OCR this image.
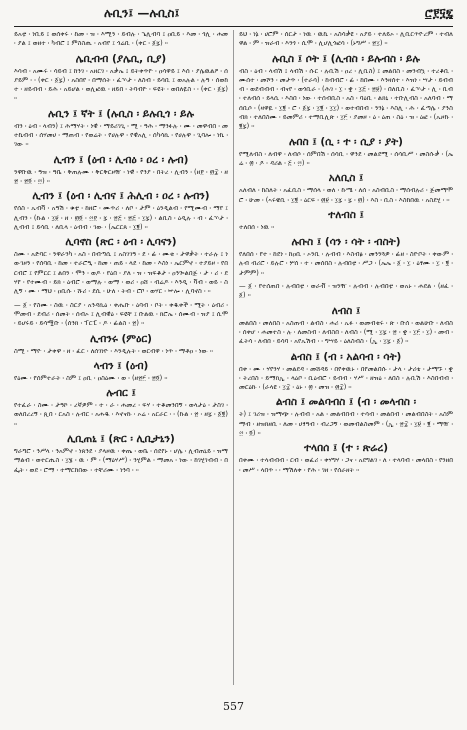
ሉቢን፤ —ሉቢስ፤	ሮ፻፶፯
ይአቲ ፡ ነቢይ ፤ ወሰቀሩ ፡ ከመ ፡ ዝ ፡ እሚን ፡ ይብሉ ፡ ኄሊብባ ፤ ዐቢይ ፡ እመ ፡ ጎሊ ፡ ሐመ ፡ ያል ፤ ወዘተ ፡ ካብሮ ፤ ምስስጢ ፡ አብየ ፤ ጎሬቢ ፡ (ቀር ፡ ፩፯) ፡፡
ሌቢብብ (ያሌቢ, ቢያ)
እሳብ ፡ አሙሩ ፡ ሳይብ ፤ ከንገ ፡ አዘርገ ፡ አቃኤ ፤ ይትቀጥዮ ፡ ዐሳዋይ ፤ እሰ ፡ ያሌዉልዖ ፡ ሰያይም ፡ ፡ (ቀር ፡ ፩፯) ፡ አስበየ ፡ በማሰት ፡ ፈኍታ ፡ ለስብ ፡ ይሳቢ ፤ ወአሉል ፡ ሉዓ ፡ ሰወከተ ፡ ዘይብብ ፡ ይሕ ፡ አይሆል ፡ ወሊፎዉ ፡ ዘይበ ፡ ትባብዮ ፡ ፍዩት ፡ ወበለዬስ ፡ ፡ (ቀር ፡ ፩፯) ፡፡
ሉቢን ፤ ኛት ፤ (ሉቢስ ፡ ይሉቢጎ ፡ ይሉ
ብን ፡ ዕብ ፡ ላብን) ፤ ሕማሃት ፡ ነዊ ፡ ማይሪገጊ ፡ ሚ ፡ ዓሕ ፡ ማንፉሉ ፡ ሙ ፡ መዋብበ ፡ መተኬብብ ፡ ሰሃመሀ ፡ ማጠብ ፡ የወሬት ፡ የሀሉዋ ፡ የዊአሊ ፡ ሰካሳኪ ፡ የሀሉዋ ፡ ጊባሎ ፡ ነኬ ፡ ገው ፡፡
ሊብን ፤ (ዕብ ፡ ሊብዕ ፡ ዐረ ፡ ሉብ)
ንዋቡዉ ፡ ዓዝ ፡ ዓቤ ፡ ቅጠሉሙ ፡ ቅርቅርዞዥ ፡ ነዊ ፡ የንያ ፡ በትረ ፡ ሊብን ፡ (ዘ፻ ፡ ፴፰ ፡ ዘ፳ ፡ ፳፬ ፡ ፵) ፡፡
ሊብን ፤ (ዕብ ፡ ሊብና ፤ ሕሊብ ፡ ዐረ ፡ ሉብን)
የሰስ ፡ ኡብቫ ፡ አዓሽ ፡ ቁቲ ፡ ከዘሮ ፡ ሙጥሪ ፡ ለቦ ፡ ታም ፡ ዕንዲልብ ፡ የሚሙብ ፡ ማየ ፤ ሊብን ፡ (ኩል ፡ ፲፱ ፡ ዘ ፡ ፴፬ ፡ ፵፻ ፡ ፯ ፡ ፳፭ ፡ ፳፭ ፡ ፲፯) ፡ ልቢስ ፡ ዕዲሉ ፡ ብ ፡ ፈኍታ ፡ ሊብብ ፤ ይሳቢ ፡ ለቢላ ፡ ዕብብ ፡ ገው ፡ (ኤርርጸ ፡ ፲፪) ፡፡
ሊባኖስ (ጽር ፡ ዕብ ፡ ሊባናን)
ስሙ ፡ አድባር ፡ ንዋራንካ ፡ አስ ፡ በብጣሲ ፤ አስገገዓ ፡ ደ ፡ ፊ ፡ ሙቂ ፡ ታዋቃት ፡ ተራሉ ፤ ነውገዞን ፡ የሰባቢ ፡ ከመ ፡ ተራሮዒ ፡ ከመ ፡ ጠይ ፡ ላደ ፡ ከመ ፡ እስነ ፡ ኤርምኖ ፡ ተያይዞ ፡ የበርብሮ ፤ የምርር ፤ ልበን ፡ ሞን ፡ ወዶ ፡ የዕበ ፡ ያለ ፡ ዝ ፡ ዝፍቆታ ፡ ዐንጐልበጅ ፡ ታ ፡ ሪ ፡ ደሃየ ፡ የተሙብ ፡ ይክ ፡ ዕብሮ ፡ ወማሉ ፡ ወማ ፡ ወሪ ፡ ዐሸ ፡ ብሬዶ ፡ እንዲ ፡ ቫብ ፡ ወይ ፡ ስሊኝ ፡ ሙ ፡ ማህ ፡ ዐቢሱ ፡ ሹሪ ፡ ደሲ ፡ ሁለ ፡ ትብ ፡ ሮቦ ፡ ወሃር ፡ ኵሎ ፡ ሊባኖስ ፡ ፡፡
— ፩ ፡ የስሙ ፡ ስዉ ፡ ስርያ ፡ አንዳኪዕ ፡ ቀሔቡ ፡ ዕባብ ፡ ቦት ፡ ቀዱቀች ፡ ሚት ፡ ዕብሪ ፡ ሞመብ ፡ ደብሪ ፡ ሰመት ፡ ሰብኦ ፤ ሊብዊዕ ፡ ፍዩቸ ፤ ቡልዉ ፡ ክሮኤ ፡ ሰሙብ ፡ ዝያ ፤ ሲሞ ፡ ይሆሩይ ፡ ይሳሟቡ ፡ (ሰንክ ፡ ፕርፒ ፡ ዶ ፡ ፊልስ ፡ ፳) ፡፡
ሊብንሩ (ምዕር)
ስሚ ፡ ማዮ ፡ ታቀዋ ፡ ዘ ፡ ፈር ፡ ለሰገነዮ ፡ እንዲሉት ፡ ወርብዋ ፡ ነጥ ፡ ማቶዐ ፡ ነው ፡፡
ላብን ፤ (ዕብ)
የዕሙ ፡ የሰምተራት ፡ ስም ፤ ዐቢ ፡ ዐስዕሙ ፡ ወ ፡ (ዘ፳፫ ፡ ፳፬) ፡፡
ሉብር ፤
የተፈራ ፡ ስሙ ፡ ታዓኮ ፡ ረኛዎም ፡ ተ ፡ ራ ፡ ሐመረ ፡ ፍሃ ፡ ተቆመንበኝ ፡ ወላታዕ ፡ ታስገ ፡ ወለበረረኝ ፡ ጺበ ፡ ርአስ ፡ ሉብር ፡ አሐዱ ፡ እኖናኩ ፡ ኦሬ ፡ አርራር ፡ ፡ (ኩል ፡ ፳ ፡ ዘ፯ ፡ ፩፪) ፡፡
ሊቢጠኒ ፤ (ጽር ፡ ሊቢታኒን)
ግራግሮ ፡ ንሥላ ፡ ንአምኖ ፡ ነጸንደ ፡ ያላዞዉ ፡ ቀጤ ፡ ወቤ ፡ ሰደየኑ ፡ ሆሌ ፡ ሊብጠኒይ ፡ ዝማማልብ ፡ ወተርጢስ ፡ ፲፮ ፡ ዉ ፡ ም ፡ (ማዕሃሥ) ፡ ንሂምል ፡ ማመአ ፡ ነው ፡ ከገሂገብብ ፡ በፌት ፡ ወደ ፡ ሮማ ፡ ተማርከበው ፡ ተቸሪሙ ፡ ነንባ ፡ ፡፡
ይህ ፡ ነኔ ፡ ሀሮም ፡ ሰርታ ፡ ነዉ ፡ ዉኬ ፡ አስሳቃዩ ፡ አያይ ፡ ተለይኦ ፡ ሊቢርጥዮረም ፡ ተብለዋል ፡ ም ፡ ዝራብ ፡ እንጎ ፡ ሲሞ ፡ ሊሆሊጎፎሳ ፡ (ኑግሥ ፡ ፳፲) ፡፡
ሉቢስ ፤ ሶት ፤ (ሊብስ ፡ ይሉብስ ፡ ይሉ
ብስ ፡ ዕብ ፡ ላብሽ ፤ ላብሽ ፡ ሱር ፡ ሉቢሽ ፡ ዐረ ፡ ሊቢስ) ፤ መልበስ ፡ መንብኳ ፡ ተረቆቢ ፡ ሙሰተ ፡ መሾን ፡ መታጥ ፡ (ተራሳ) ፡ ከብብሮ ፡ ፊ ፡ ከበሙ ፡ እንዛሰተ ፡ እዝነ ፡ ሣታ ፡ ይብብብ ፡ ወደብብብ ፡ ብናየ ፡ ወጎቢራ ፡ (ሕገ ፡ ፲ ፡ ቋ ፡ ፲፭ ፡ ፳፱) ፡ በለቢስ ፡ ፈኍታ ፡ ሊ ፡ ቢብ ፡ ተለብሰ ፡ ይላሲ ፡ እስበ ፡ ነው ፡ ተሰብቢስ ፡ አስ ፡ ባዕቢ ፡ ልክኒ ፡ ተቡሊብስ ፡ አለባብ ፡ ማሰቢሶ ፡ (ዛዋዪ ፡ ፲፪ ፡ ሮ ፡ ፩፯ ፡ ፲፪ ፡ ፲፲) ፡ ወተብበብ ፡ ንንኔ ፡ እስሊ ፡ ሕ ፡ ፈጣሌ ፡ ያንስብክ ፡ ተለበስሙ ፡ ይመምሪ ፡ ተማቢሊጽ ፡ ፲፫ ፡ ያመዞ ፡ ዕ ፡ ዕጠ ፡ ስዕ ፡ ዝ ፡ ዕፎ ፡ (ኡዞኩ ፡ ፪፯) ፡፡
ሉበስ ፤ (ሲ ፡ ተ ፡ ሲያ ፡ ያት)
የሚለብስ ፡ ለብዋ ፡ ለብሶ ፡ ሰምበሽ ፡ ሰሳቢ ፡ ዋንደ ፡ መልደሚ ፡ ሰሳቢሥ ፡ መስሱቃ ፡ (ኤሬ ፡ ፴ ፡ ዶ ፡ ዳሪል ፡ ፭ ፡ ፵) ፡፡
አለቢስ ፤
አለብለ ፡ ከስለት ፡ አፈቢስ ፡ ማሰላ ፡ ወለ ፡ ኩሜ ፡ ለሰ ፡ አስብቢስ ፡ ማሰብሉሪ ፡ ጅመማሞሮ ፡ ሁመ ፡ (ኣሩዌቢ ፡ ፲፪ ፡ ዕርፍ ፡ ፴፱ ፡ ፲፯ ፡ ፯ ፡ ፴) ፡ እስ ፡ ቢስ ፡ እስከበዉ ፡ አስደሂ ፡ ፡፡
ተለብስ ፤
ተለበሰ ፡ ነዉ ፡፡
ሉቡስ ፤ (ሳን ፡ ሳት ፡ ብስት)
የለበሰ ፡ የተ ፡ ከደነ ፡ ከዐቢ ፡ ኦንቢ ፡ ሉብብ ፡ እስብፅ ፡ መንንጓዎ ፡ ፊዘ ፡ ስዮቦት ፡ ቀውም ፡ ሉብ ብሪሮ ፡ ይሉሮ ፡ ሦሰ ፡ ተ ፡ መሰበስ ፡ ሉብበቲ ፡ ሥጋ ፡ (ኤኤ ፡ ፩ ፡ ፲ ፡ ዕፃሙ ፡ ፲ ፡ ፪ ፡ ታምም) ፡፡
— ፩ ፡ የተሰጠበ ፡ ሉብበቲ ፡ ወራቭ ፡ ዝንዥ ፡ ሉብብ ፡ ሉብበቲ ፡ ወአኑ ፡ ሐደል ፡ (ዘፈ ፡ ፩) ፡፡
ለብስ ፤
መልበስ ፡ መለበስ ፡ አስጠብ ፡ ልብስ ፡ ሐሪ ፡ ኡፉ ፡ ወመብቂሩ ፡ ጽ ፡ ቡሰ ፡ ወልሁቡ ፡ ለብስ ፡ ሰቀሆ ፡ ሐመተስ ፡ ሉ ፡ ለመስብ ፡ ለብስበ ፡ ለብስ ፡ (ሚ ፡ ፲፯ ፡ ፳ ፡ ቋ ፡ ፲፫ ፡ ፲) ፡ መብ ፡ ፈትሳ ፡ ለብበ ፡ ይሳባ ፡ አየኡሽብ ፡ ፡ ግሣይ ፡ ዕለስብስ ፡ (ኢ ፡ ፲፯ ፡ ፩) ፡፡
ልብስ ፤ (ብ ፡ አልባብ ፡ ሳት)
በቀ ፡ ሙ ፡ ሃየንሃ ፡ መልደዳ ፡ መሸዳይ ፡ በየቀዉኑ ፡ በየመልበሱ ፡ ታላ ፡ ታሪቴ ፡ ታማኙ ፡ ቋ ፡ ትረበስ ፡ ይማክኢ ፡ ላዕቦ ፡ ቢዕብሮ ፡ ይብብ ፡ ሃሥ ፡ ዘዝዕ ፡ ለበስ ፡ ሉቢሽ ፡ እስበብብ ፡ መርዕኩ ፡ (ራላዩ ፡ ፲፰ ፡ ዕኑ ፡ ፴ ፡ መዝ ፡ ፴፰) ፡፡
ልብስ ፤ መልባብስ ፤ (ብ ፡ መላብስ ፡
ት) ፤ ገሪዝ ፡ ዝማጭ ፡ ሉብብ ፡ አል ፡ መልብበብ ፡ ተሳብ ፡ መልበብ ፡ መልብበስት ፡ አስምማብ ፡ ዘዝክዘቢ ፡ ለመ ፡ ሀፃዓብ ፡ ብረጋኝ ፡ ወመብልስመም ፡ (ኢ ፡ ፳፰ ፡ ፲፱ ፡ ፪ ፡ ማዥ ፡ ፵ ፡ ፬) ፡፡
ተላበሰ ፤ (ተ ፡ ጽሬረ)
በቀሙ ፡ ተላብብብ ፡ ርብ ፡ ወፈሪ ፡ ቀሃግሃ ፡ ጋና ፡ አደግልገ ፡ ለ ፡ ተላባብ ፡ መላበስ ፡ የንዘበ ፡ መሥ ፡ ላበጥ ፡ ፡ ማሽለቀ ፡ የሕ ፡ ገዘ ፡ የሰራዘት ፡፡
557
